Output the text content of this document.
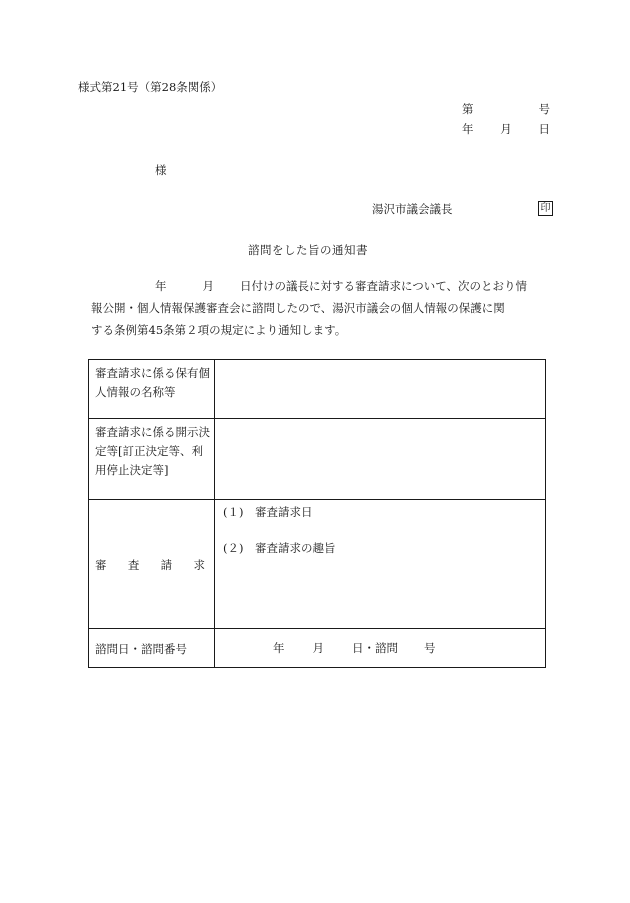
様式第21号（第28条関係）
第	号
年 月 日
様
湯沢市議会議長	印
諮問をした旨の通知書
年	月 日付けの議長に対する審査請求について、次のとおり情
報公開・個人情報保護審査会に諮問したので、湯沢市議会の個人情報の保護に関
する条例第45条第２項の規定により通知します。
審査請求に係る保有個人情報の名称等	
審査請求に係る開示決定等[訂正決定等、利用停止決定等]	

審 査 請 求	(１)　審査請求日
(２)　審査請求の趣旨

諮問日・諮問番号	年 月 日・諮問 号
